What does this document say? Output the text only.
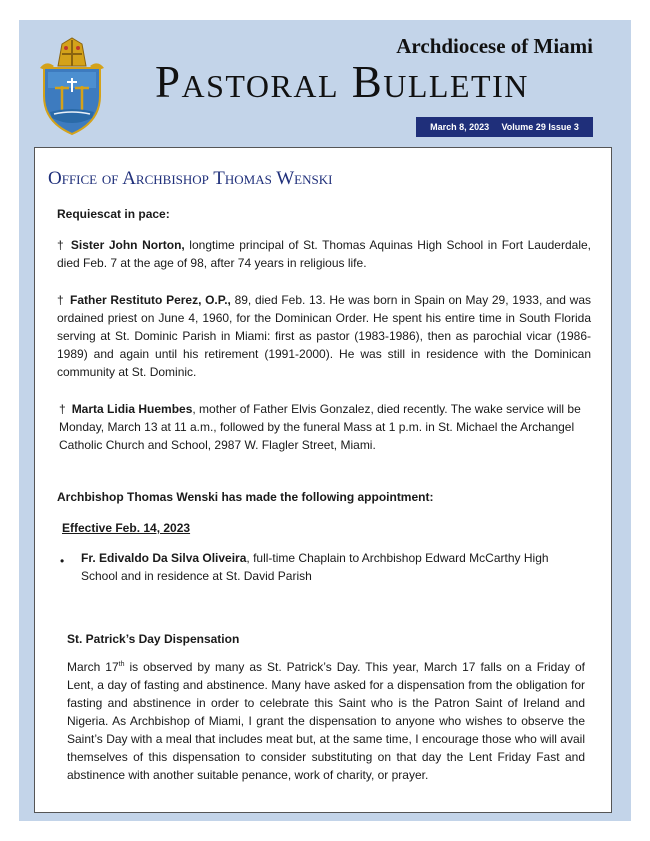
Archdiocese of Miami
Pastoral Bulletin
March 8, 2023 Volume 29 Issue 3
Office of Archbishop Thomas Wenski
Requiescat in pace:
† Sister John Norton, longtime principal of St. Thomas Aquinas High School in Fort Lauderdale, died Feb. 7 at the age of 98, after 74 years in religious life.
† Father Restituto Perez, O.P., 89, died Feb. 13. He was born in Spain on May 29, 1933, and was ordained priest on June 4, 1960, for the Dominican Order. He spent his entire time in South Florida serving at St. Dominic Parish in Miami: first as pastor (1983-1986), then as parochial vicar (1986-1989) and again until his retirement (1991-2000). He was still in residence with the Dominican community at St. Dominic.
† Marta Lidia Huembes, mother of Father Elvis Gonzalez, died recently. The wake service will be Monday, March 13 at 11 a.m., followed by the funeral Mass at 1 p.m. in St. Michael the Archangel Catholic Church and School, 2987 W. Flagler Street, Miami.
Archbishop Thomas Wenski has made the following appointment:
Effective Feb. 14, 2023
• Fr. Edivaldo Da Silva Oliveira, full-time Chaplain to Archbishop Edward McCarthy High School and in residence at St. David Parish
St. Patrick’s Day Dispensation
March 17th is observed by many as St. Patrick’s Day. This year, March 17 falls on a Friday of Lent, a day of fasting and abstinence. Many have asked for a dispensation from the obligation for fasting and abstinence in order to celebrate this Saint who is the Patron Saint of Ireland and Nigeria. As Archbishop of Miami, I grant the dispensation to anyone who wishes to observe the Saint’s Day with a meal that includes meat but, at the same time, I encourage those who will avail themselves of this dispensation to consider substituting on that day the Lent Friday Fast and abstinence with another suitable penance, work of charity, or prayer.
